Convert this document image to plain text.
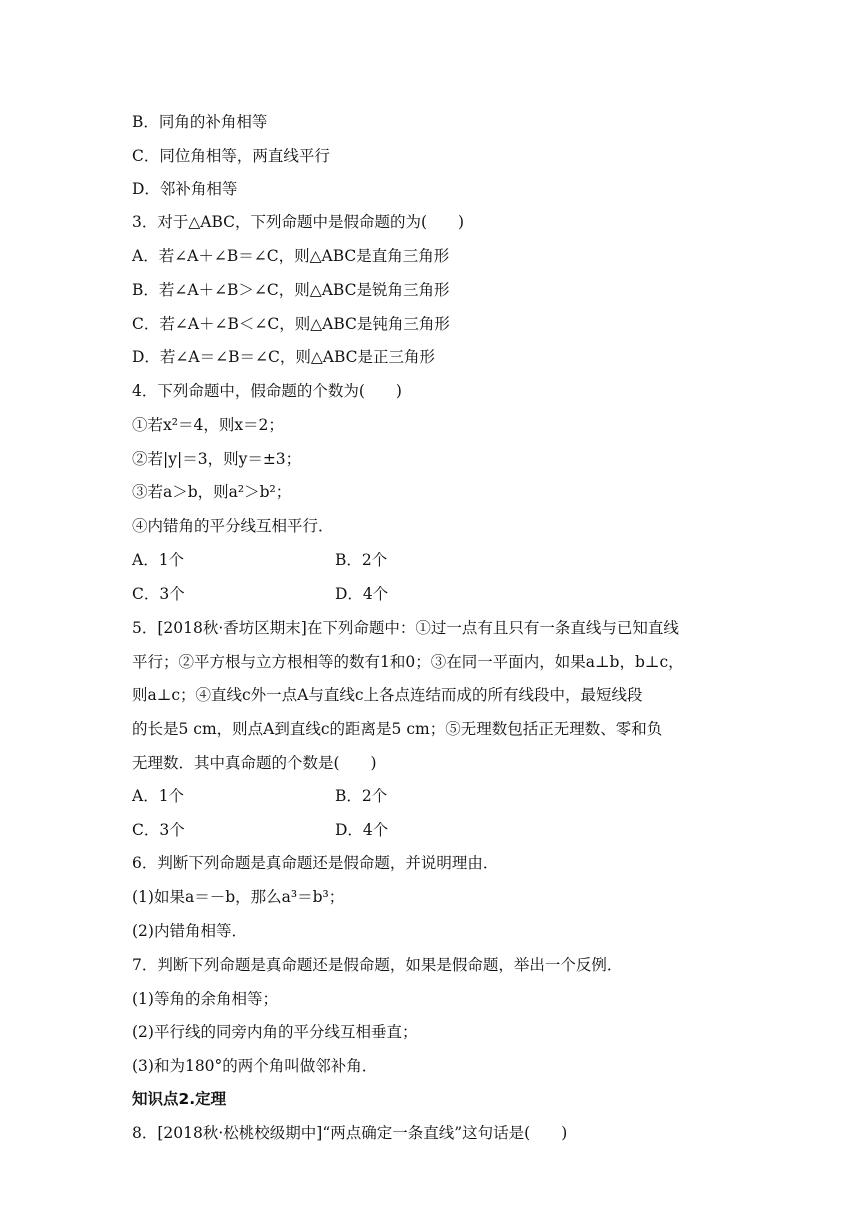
B．同角的补角相等
C．同位角相等，两直线平行
D．邻补角相等
3．对于△ABC，下列命题中是假命题的为(　　)
A．若∠A＋∠B＝∠C，则△ABC是直角三角形
B．若∠A＋∠B＞∠C，则△ABC是锐角三角形
C．若∠A＋∠B＜∠C，则△ABC是钝角三角形
D．若∠A＝∠B＝∠C，则△ABC是正三角形
4．下列命题中，假命题的个数为(　　)
①若x²＝4，则x＝2；
②若|y|＝3，则y＝±3；
③若a＞b，则a²＞b²；
④内错角的平分线互相平行．
A．1个	B．2个
C．3个	D．4个
5．[2018秋·香坊区期末]在下列命题中：①过一点有且只有一条直线与已知直线
平行；②平方根与立方根相等的数有1和0；③在同一平面内，如果a⊥b，b⊥c，
则a⊥c；④直线c外一点A与直线c上各点连结而成的所有线段中，最短线段
的长是5 cm，则点A到直线c的距离是5 cm；⑤无理数包括正无理数、零和负
无理数．其中真命题的个数是(　　)
A．1个	B．2个
C．3个	D．4个
6．判断下列命题是真命题还是假命题，并说明理由．
(1)如果a＝－b，那么a³＝b³；
(2)内错角相等．
7．判断下列命题是真命题还是假命题，如果是假命题，举出一个反例．
(1)等角的余角相等；
(2)平行线的同旁内角的平分线互相垂直；
(3)和为180°的两个角叫做邻补角．
知识点2.定理
8．[2018秋·松桃校级期中]“两点确定一条直线”这句话是(　　)
